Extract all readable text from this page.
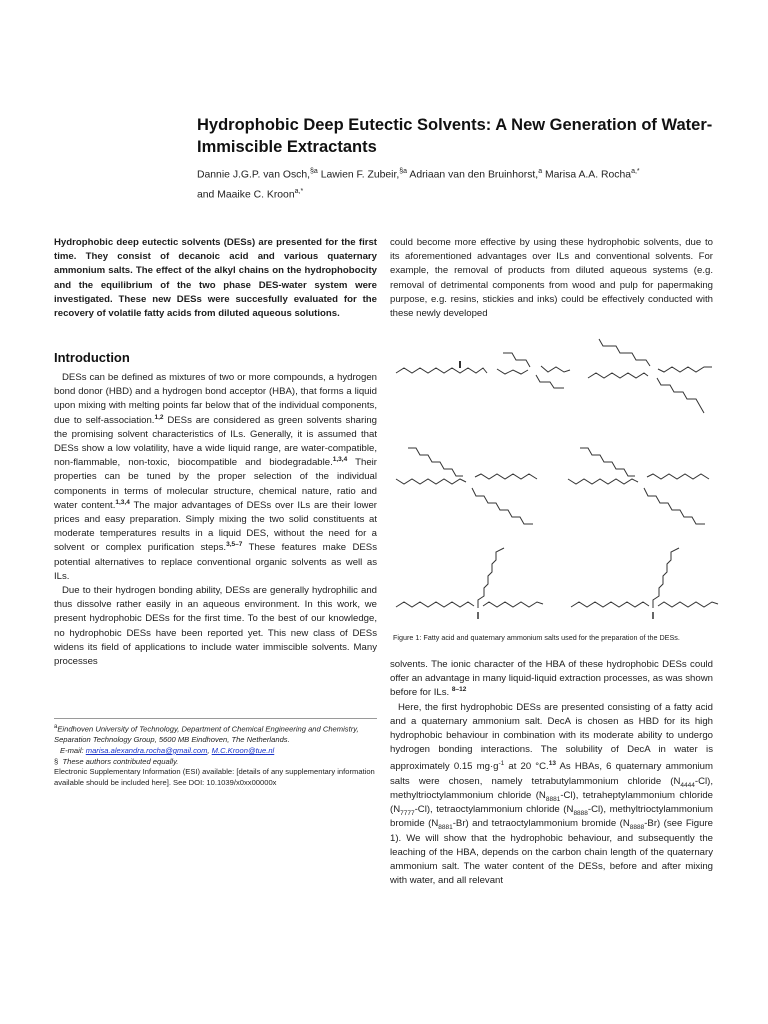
Hydrophobic Deep Eutectic Solvents: A New Generation of Water-Immiscible Extractants
Dannie J.G.P. van Osch,$^{\S a}$ Lawien F. Zubeir,$^{\S a}$ Adriaan van den Bruinhorst,$^a$ Marisa A.A. Rocha$^{a,*}$
and Maaike C. Kroon$^{a,*}$
Hydrophobic deep eutectic solvents (DESs) are presented for the first time. They consist of decanoic acid and various quaternary ammonium salts. The effect of the alkyl chains on the hydrophobocity and the equilibrium of the two phase DES-water system were investigated. These new DESs were succesfully evaluated for the recovery of volatile fatty acids from diluted aqueous solutions.
Introduction

DESs can be defined as mixtures of two or more compounds, a hydrogen bond donor (HBD) and a hydrogen bond acceptor (HBA), that forms a liquid upon mixing with melting points far below that of the individual components, due to self-association.$^{1,2}$ DESs are considered as green solvents sharing the promising solvent characteristics of ILs. Generally, it is assumed that DESs show a low volatility, have a wide liquid range, are water-compatible, non-flammable, non-toxic, biocompatible and biodegradable.$^{1,3,4}$ Their properties can be tuned by the proper selection of the individual components in terms of molecular structure, chemical nature, ratio and water content.$^{1,3,4}$ The major advantages of DESs over ILs are their lower prices and easy preparation. Simply mixing the two solid constituents at moderate temperatures results in a liquid DES, without the need for a solvent or complex purification steps.$^{3,5-7}$ These features make DESs potential alternatives to replace conventional organic solvents as well as ILs.

Due to their hydrogen bonding ability, DESs are generally hydrophilic and thus dissolve rather easily in an aqueous environment. In this work, we present hydrophobic DESs for the first time. To the best of our knowledge, no hydrophobic DESs have been reported yet. This new class of DESs widens its field of applications to include water immiscible solvents. Many processes

$^a$Eindhoven University of Technology, Department of Chemical Engineering and Chemistry, Separation Technology Group, 5600 MB Eindhoven, The Netherlands.
E-mail: marisa.alexandra.rocha@gmail.com, M.C.Kroon@tue.nl
§ These authors contributed equally.
Electronic Supplementary Information (ESI) available: [details of any supplementary information available should be included here]. See DOI: 10.1039/x0xx00000x
could become more effective by using these hydrophobic solvents, due to its aforementioned advantages over ILs and conventional solvents. For example, the removal of products from diluted aqueous systems (e.g. removal of detrimental components from wood and pulp for papermaking purpose, e.g. resins, stickies and inks) could be effectively conducted with these newly developed
Figure 1: Fatty acid and quaternary ammonium salts used for the preparation of the DESs.

solvents. The ionic character of the HBA of these hydrophobic DESs could offer an advantage in many liquid-liquid extraction processes, as was shown before for ILs. $^{8-12}$

Here, the first hydrophobic DESs are presented consisting of a fatty acid and a quaternary ammonium salt. DecA is chosen as HBD for its high hydrophobic behaviour in combination with its moderate ability to undergo hydrogen bonding interactions. The solubility of DecA in water is approximately 0.15 $mg\cdot g^{-1}$ at 20 °C.$^{13}$ As HBAs, 6 quaternary ammonium salts were chosen, namely tetrabutylammonium chloride $(N_{4444}-Cl)$, methyltrioctylammonium chloride $(N_{8881}-Cl)$, tetraheptylammonium chloride $(N_{7777}-Cl)$, tetraoctylammonium chloride $(N_{8888}-Cl)$, methyltrioctylammonium bromide $(N_{8881}-Br)$ and tetraoctylammonium bromide $(N_{8888}-Br)$ (see Figure 1). We will show that the hydrophobic behaviour, and subsequently the leaching of the HBA, depends on the carbon chain length of the quaternary ammonium salt. The water content of the DESs, before and after mixing with water, and all relevant
